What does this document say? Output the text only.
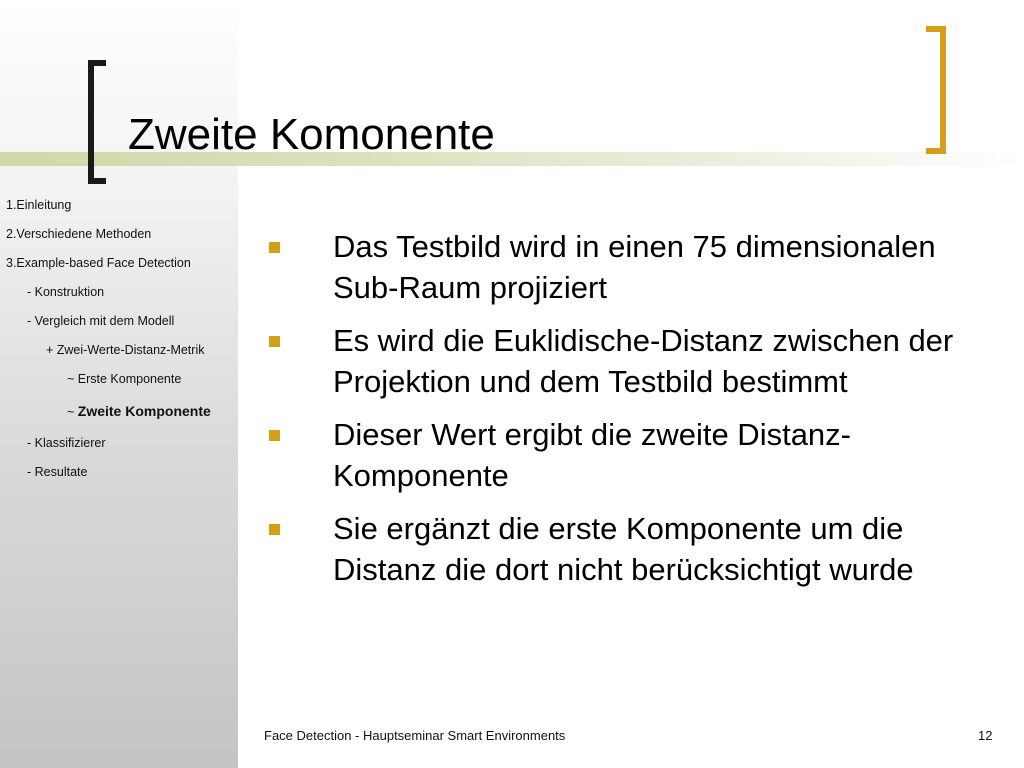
Zweite Komonente
1.Einleitung
2.Verschiedene Methoden
3.Example-based Face Detection
- Konstruktion
- Vergleich mit dem Modell
+ Zwei-Werte-Distanz-Metrik
~ Erste Komponente
~ Zweite Komponente
- Klassifizierer
- Resultate
Das Testbild wird in einen 75 dimensionalen Sub-Raum projiziert
Es wird die Euklidische-Distanz zwischen der Projektion und dem Testbild bestimmt
Dieser Wert ergibt die zweite Distanz-Komponente
Sie ergänzt die erste Komponente um die Distanz die dort nicht berücksichtigt wurde
Face Detection - Hauptseminar Smart Environments	12
